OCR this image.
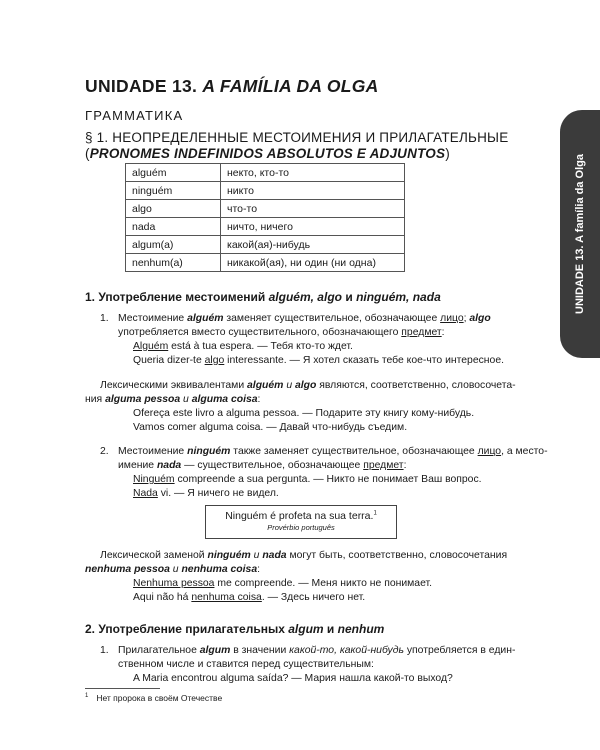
UNIDADE 13. A FAMÍLIA DA OLGA
ГРАММАТИКА
§ 1. НЕОПРЕДЕЛЕННЫЕ МЕСТОИМЕНИЯ И ПРИЛАГАТЕЛЬНЫЕ
(PRONOMES INDEFINIDOS ABSOLUTOS E ADJUNTOS)
UNIDADE 13. A família da Olga
alguém	некто, кто-то
ninguém	никто
algo	что-то
nada	ничто, ничего
algum(a)	какой(ая)-нибудь
nenhum(a)	никакой(ая), ни один (ни одна)
1. Употребление местоимений alguém, algo и ninguém, nada
1. Местоимение alguém заменяет существительное, обозначающее лицо; algo
употребляется вместо существительного, обозначающего предмет:
Alguém está à tua espera. — Тебя кто-то ждет.
Queria dizer-te algo interessante. — Я хотел сказать тебе кое-что интересное.
Лексическими эквивалентами alguém и algo являются, соответственно, словосочета-
ния alguma pessoa и alguma coisa:
Ofereça este livro a alguma pessoa. — Подарите эту книгу кому-нибудь.
Vamos comer alguma coisa. — Давай что-нибудь съедим.
2. Местоимение ninguém также заменяет существительное, обозначающее лицо, а место-
имение nada — существительное, обозначающее предмет:
Ninguém compreende a sua pergunta. — Никто не понимает Ваш вопрос.
Nada vi. — Я ничего не видел.
Ninguém é profeta na sua terra.$^1$
Provérbio português
Лексической заменой ninguém и nada могут быть, соответственно, словосочетания
nenhuma pessoa и nenhuma coisa:
Nenhuma pessoa me compreende. — Меня никто не понимает.
Aqui não há nenhuma coisa. — Здесь ничего нет.
2. Употребление прилагательных algum и nenhum
1. Прилагательное algum в значении какой-то, какой-нибудь употребляется в един-
ственном числе и ставится перед существительным:
A Maria encontrou alguma saída? — Мария нашла какой-то выход?
$^1$ Нет пророка в своём Отечестве
